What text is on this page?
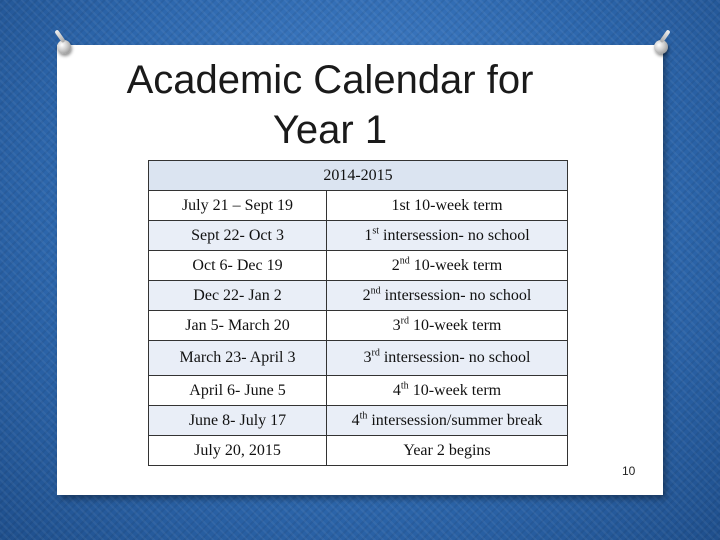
Academic Calendar for
Year 1
2014-2015	
July 21 – Sept 19	1st 10-week term
Sept 22- Oct 3	1st intersession- no school
Oct 6- Dec 19	2nd 10-week term
Dec 22- Jan 2	2nd intersession- no school
Jan 5- March 20	3rd 10-week term
March 23- April 3	3rd intersession- no school
April 6- June 5	4th 10-week term
June 8- July 17	4th intersession/summer break
July 20, 2015	Year 2 begins
10
